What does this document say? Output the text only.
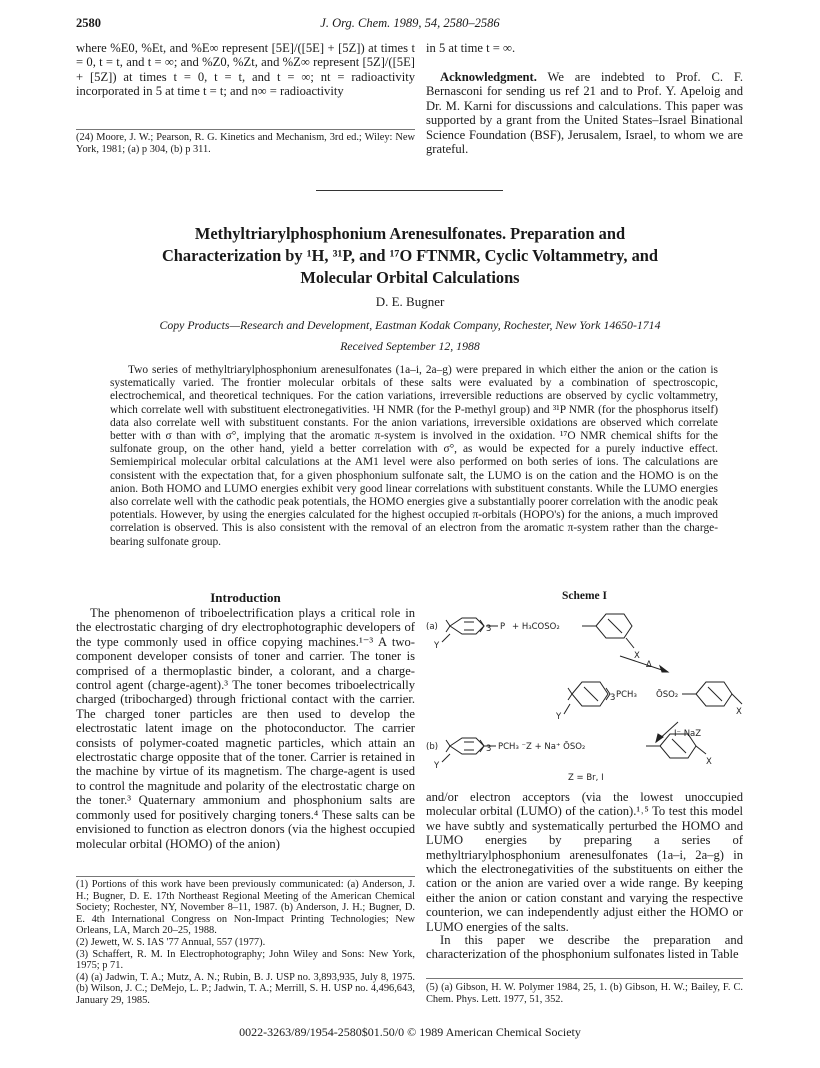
2580	J. Org. Chem. 1989, 54, 2580–2586
where %E0, %Et, and %E∞ represent [5E]/([5E] + [5Z]) at times t = 0, t = t, and t = ∞; and %Z0, %Zt, and %Z∞ represent [5Z]/([5E] + [5Z]) at times t = 0, t = t, and t = ∞; nt = radioactivity incorporated in 5 at time t = t; and n∞ = radioactivity
(24) Moore, J. W.; Pearson, R. G. Kinetics and Mechanism, 3rd ed.; Wiley: New York, 1981; (a) p 304, (b) p 311.
in 5 at time t = ∞.
Acknowledgment. We are indebted to Prof. C. F. Bernasconi for sending us ref 21 and to Prof. Y. Apeloig and Dr. M. Karni for discussions and calculations. This paper was supported by a grant from the United States–Israel Binational Science Foundation (BSF), Jerusalem, Israel, to whom we are grateful.
Methyltriarylphosphonium Arenesulfonates. Preparation and
Characterization by ¹H, ³¹P, and ¹⁷O FTNMR, Cyclic Voltammetry, and
Molecular Orbital Calculations
D. E. Bugner
Copy Products—Research and Development, Eastman Kodak Company, Rochester, New York 14650-1714
Received September 12, 1988
Two series of methyltriarylphosphonium arenesulfonates (1a–i, 2a–g) were prepared in which either the anion or the cation is systematically varied. The frontier molecular orbitals of these salts were evaluated by a combination of spectroscopic, electrochemical, and theoretical techniques. For the cation variations, irreversible reductions are observed by cyclic voltammetry, which correlate well with substituent electronegativities. ¹H NMR (for the P-methyl group) and ³¹P NMR (for the phosphorus itself) data also correlate well with substituent constants. For the anion variations, irreversible oxidations are observed which correlate better with σ than with σ°, implying that the aromatic π-system is involved in the oxidation. ¹⁷O NMR chemical shifts for the sulfonate group, on the other hand, yield a better correlation with σ°, as would be expected for a purely inductive effect. Semiempirical molecular orbital calculations at the AM1 level were also performed on both series of ions. The calculations are consistent with the expectation that, for a given phosphonium sulfonate salt, the LUMO is on the cation and the HOMO is on the anion. Both HOMO and LUMO energies exhibit very good linear correlations with substituent constants. While the LUMO energies also correlate well with the cathodic peak potentials, the HOMO energies give a substantially poorer correlation with the anodic peak potentials. However, by using the energies calculated for the highest occupied π-orbitals (HOPO's) for the anions, a much improved correlation is observed. This is also consistent with the removal of an electron from the aromatic π-system rather than the charge-bearing sulfonate group.
Introduction
The phenomenon of triboelectrification plays a critical role in the electrostatic charging of dry electrophotographic developers of the type commonly used in office copying machines.¹⁻³ A two-component developer consists of toner and carrier. The toner is comprised of a thermoplastic binder, a colorant, and a charge-control agent (charge-agent).³ The toner becomes triboelectrically charged (tribocharged) through frictional contact with the carrier. The charged toner particles are then used to develop the electrostatic latent image on the photoconductor. The carrier consists of polymer-coated magnetic particles, which attain an electrostatic charge opposite that of the toner. Carrier is retained in the machine by virtue of its magnetism. The charge-agent is used to control the magnitude and polarity of the electrostatic charge on the toner.³ Quaternary ammonium and phosphonium salts are commonly used for positively charging toners.⁴ These salts can be envisioned to function as electron donors (via the highest occupied molecular orbital (HOMO) of the anion)

(1) Portions of this work have been previously communicated: (a) Anderson, J. H.; Bugner, D. E. 17th Northeast Regional Meeting of the American Chemical Society; Rochester, NY, November 8–11, 1987. (b) Anderson, J. H.; Bugner, D. E. 4th International Congress on Non-Impact Printing Technologies; New Orleans, LA, March 20–25, 1988.

(2) Jewett, W. S. IAS '77 Annual, 557 (1977).

(3) Schaffert, R. M. In Electrophotography; John Wiley and Sons: New York, 1975; p 71.

(4) (a) Jadwin, T. A.; Mutz, A. N.; Rubin, B. J. USP no. 3,893,935, July 8, 1975. (b) Wilson, J. C.; DeMejo, L. P.; Jadwin, T. A.; Merrill, S. H. USP no. 4,496,643, January 29, 1985.

Scheme I
(a)
Y
3 P + H₃COSO₂
X
Δ
Y
3 PCH₃ ŌSO₂
X
I⁻ NaZ
(b)
Y
3 PCH₃ ⁻Z + Na⁺ ŌSO₂
X
Z = Br, I
and/or electron acceptors (via the lowest unoccupied molecular orbital (LUMO) of the cation).¹˒⁵ To test this model we have subtly and systematically perturbed the HOMO and LUMO energies by preparing a series of methyltriarylphosphonium arenesulfonates (1a–i, 2a–g) in which the electronegativities of the substituents on either the cation or the anion are varied over a wide range. By keeping either the anion or cation constant and varying the respective counterion, we can independently adjust either the HOMO or LUMO energies of the salts.
In this paper we describe the preparation and characterization of the phosphonium sulfonates listed in Table

(5) (a) Gibson, H. W. Polymer 1984, 25, 1. (b) Gibson, H. W.; Bailey, F. C. Chem. Phys. Lett. 1977, 51, 352.

0022-3263/89/1954-2580$01.50/0 © 1989 American Chemical Society
